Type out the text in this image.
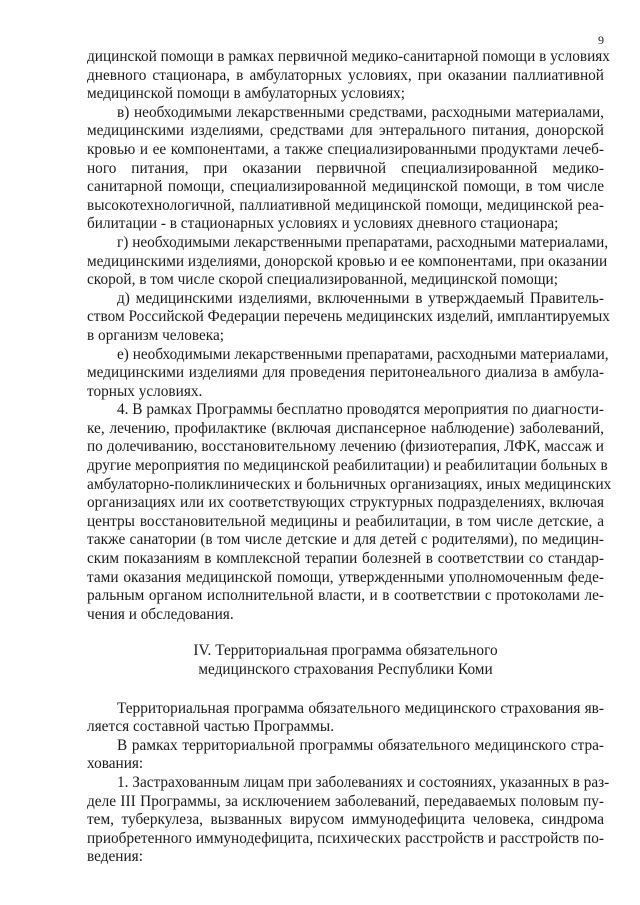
9

дицинской помощи в рамках первичной медико-санитарной помощи в условиях

дневного стационара, в амбулаторных условиях, при оказании паллиативной

медицинской помощи в амбулаторных условиях;

в) необходимыми лекарственными средствами, расходными материалами,

медицинскими изделиями, средствами для энтерального питания, донорской

кровью и ее компонентами, а также специализированными продуктами лечеб-

ного питания, при оказании первичной специализированной медико-

санитарной помощи, специализированной медицинской помощи, в том числе

высокотехнологичной, паллиативной медицинской помощи, медицинской реа-

билитации - в стационарных условиях и условиях дневного стационара;

г) необходимыми лекарственными препаратами, расходными материалами,

медицинскими изделиями, донорской кровью и ее компонентами, при оказании

скорой, в том числе скорой специализированной, медицинской помощи;

д) медицинскими изделиями, включенными в утверждаемый Правитель-

ством Российской Федерации перечень медицинских изделий, имплантируемых

в организм человека;

е) необходимыми лекарственными препаратами, расходными материалами,

медицинскими изделиями для проведения перитонеального диализа в амбула-

торных условиях.

4. В рамках Программы бесплатно проводятся мероприятия по диагности-

ке, лечению, профилактике (включая диспансерное наблюдение) заболеваний,

по долечиванию, восстановительному лечению (физиотерапия, ЛФК, массаж и

другие мероприятия по медицинской реабилитации) и реабилитации больных в

амбулаторно-поликлинических и больничных организациях, иных медицинских

организациях или их соответствующих структурных подразделениях, включая

центры восстановительной медицины и реабилитации, в том числе детские, а

также санатории (в том числе детские и для детей с родителями), по медицин-

ским показаниям в комплексной терапии болезней в соответствии со стандар-

тами оказания медицинской помощи, утвержденными уполномоченным феде-

ральным органом исполнительной власти, и в соответствии с протоколами ле-

чения и обследования.

IV. Территориальная программа обязательного

медицинского страхования Республики Коми

Территориальная программа обязательного медицинского страхования яв-

ляется составной частью Программы.

В рамках территориальной программы обязательного медицинского стра-

хования:

1. Застрахованным лицам при заболеваниях и состояниях, указанных в раз-

деле III Программы, за исключением заболеваний, передаваемых половым пу-

тем, туберкулеза, вызванных вирусом иммунодефицита человека, синдрома

приобретенного иммунодефицита, психических расстройств и расстройств по-

ведения:
